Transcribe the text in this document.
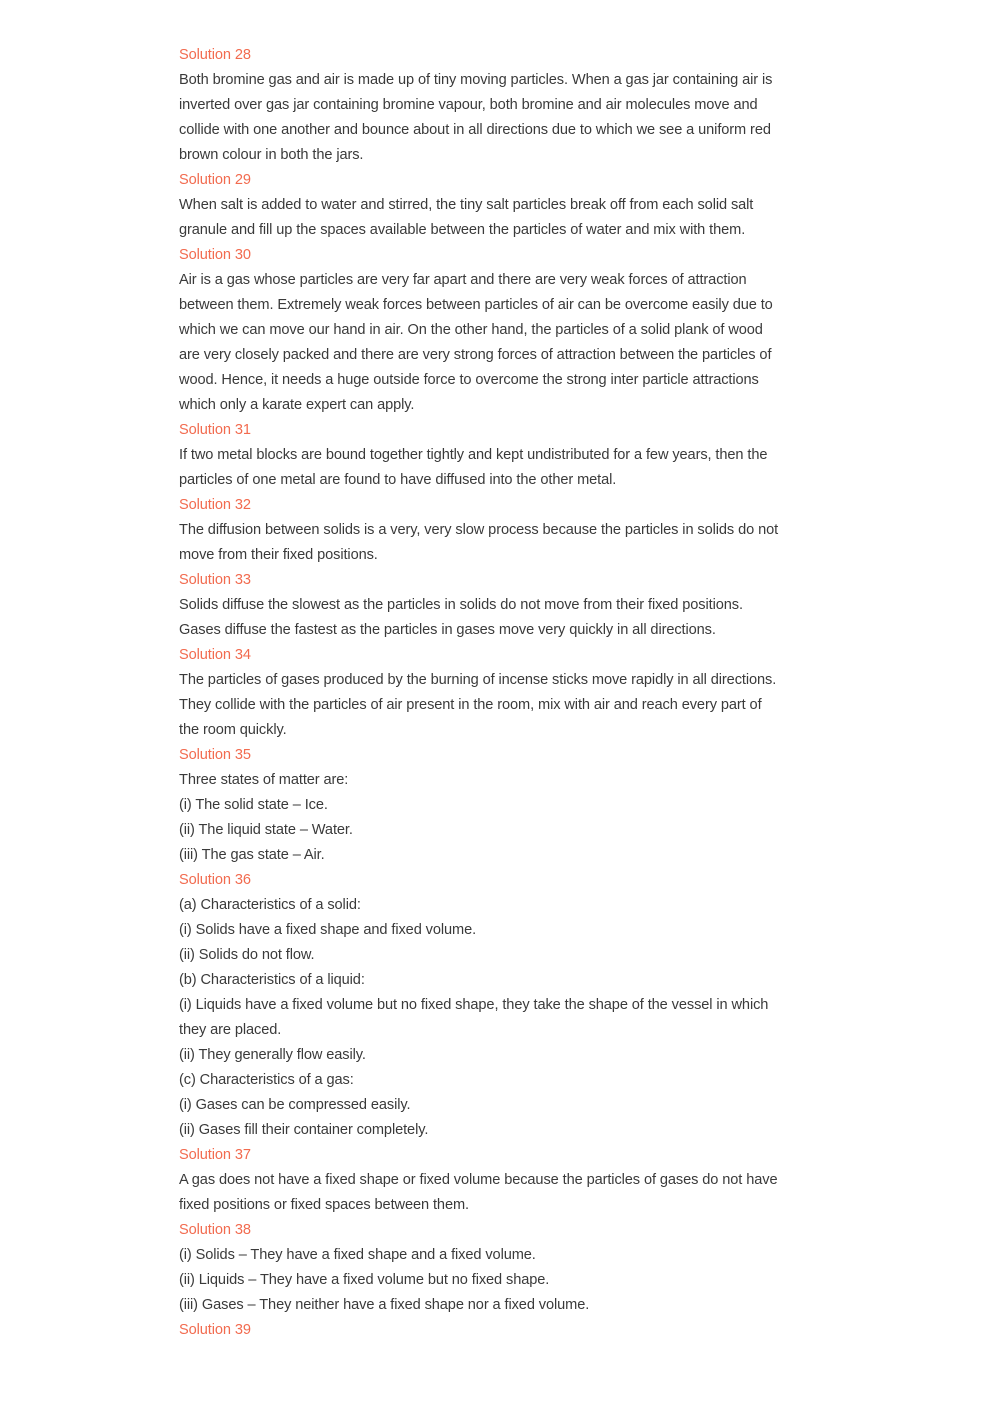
Solution 28
Both bromine gas and air is made up of tiny moving particles. When a gas jar containing air is
inverted over gas jar containing bromine vapour, both bromine and air molecules move and
collide with one another and bounce about in all directions due to which we see a uniform red
brown colour in both the jars.
Solution 29
When salt is added to water and stirred, the tiny salt particles break off from each solid salt
granule and fill up the spaces available between the particles of water and mix with them.
Solution 30
Air is a gas whose particles are very far apart and there are very weak forces of attraction
between them. Extremely weak forces between particles of air can be overcome easily due to
which we can move our hand in air. On the other hand, the particles of a solid plank of wood
are very closely packed and there are very strong forces of attraction between the particles of
wood. Hence, it needs a huge outside force to overcome the strong inter particle attractions
which only a karate expert can apply.
Solution 31
If two metal blocks are bound together tightly and kept undistributed for a few years, then the
particles of one metal are found to have diffused into the other metal.
Solution 32
The diffusion between solids is a very, very slow process because the particles in solids do not
move from their fixed positions.
Solution 33
Solids diffuse the slowest as the particles in solids do not move from their fixed positions.
Gases diffuse the fastest as the particles in gases move very quickly in all directions.
Solution 34
The particles of gases produced by the burning of incense sticks move rapidly in all directions.
They collide with the particles of air present in the room, mix with air and reach every part of
the room quickly.
Solution 35
Three states of matter are:
(i) The solid state – Ice.
(ii) The liquid state – Water.
(iii) The gas state – Air.
Solution 36
(a) Characteristics of a solid:
(i) Solids have a fixed shape and fixed volume.
(ii) Solids do not flow.
(b) Characteristics of a liquid:
(i) Liquids have a fixed volume but no fixed shape, they take the shape of the vessel in which
they are placed.
(ii) They generally flow easily.
(c) Characteristics of a gas:
(i) Gases can be compressed easily.
(ii) Gases fill their container completely.
Solution 37
A gas does not have a fixed shape or fixed volume because the particles of gases do not have
fixed positions or fixed spaces between them.
Solution 38
(i) Solids – They have a fixed shape and a fixed volume.
(ii) Liquids – They have a fixed volume but no fixed shape.
(iii) Gases – They neither have a fixed shape nor a fixed volume.
Solution 39
